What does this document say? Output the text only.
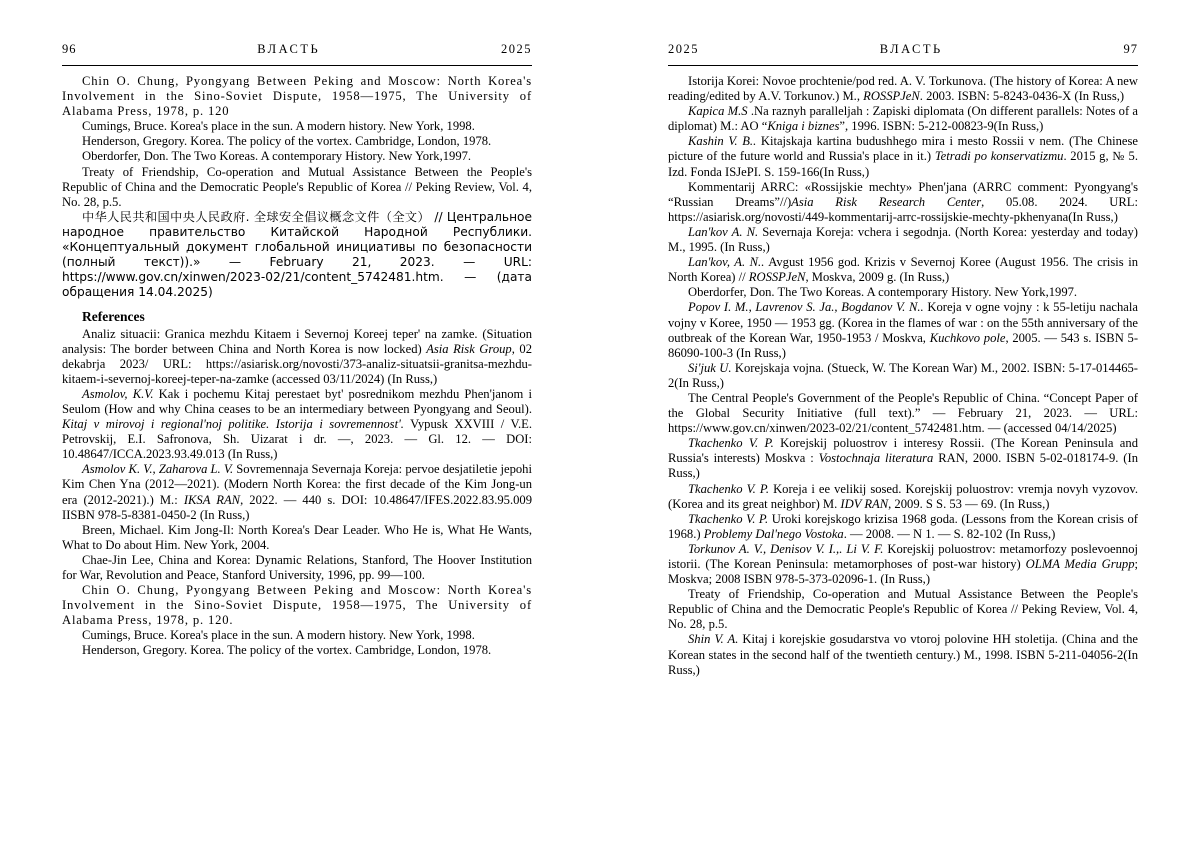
96	ВЛАСТЬ	2025

Chin O. Chung, Pyongyang Between Peking and Moscow: North Korea's Involvement in the Sino-Soviet Dispute, 1958—1975, The University of Alabama Press, 1978, p. 120

Cumings, Bruce. Korea's place in the sun. A modern history. New York, 1998.

Henderson, Gregory. Korea. The policy of the vortex. Cambridge, London, 1978.

Oberdorfer, Don. The Two Koreas. A contemporary History. New York,1997.

Treaty of Friendship, Co-operation and Mutual Assistance Between the People's Republic of China and the Democratic People's Republic of Korea // Peking Review, Vol. 4, No. 28, p.5.

中华人民共和国中央人民政府. 全球安全倡议概念文件（全文） // Центральное народное правительство Китайской Народной Республики. «Концептуальный документ глобальной инициативы по безопасности (полный текст)).» — February 21, 2023. — URL: https://www.gov.cn/xinwen/2023-02/21/content_5742481.htm. — (дата обращения 14.04.2025)

References

Analiz situacii: Granica mezhdu Kitaem i Severnoj Koreej teper' na zamke. (Situation analysis: The border between China and North Korea is now locked) Asia Risk Group, 02 dekabrja 2023/ URL: https://asiarisk.org/novosti/373-analiz-situatsii-granitsa-mezhdu-kitaem-i-severnoj-koreej-teper-na-zamke (accessed 03/11/2024) (In Russ,)

Asmolov, K.V. Kak i pochemu Kitaj perestaet byt' posrednikom mezhdu Phen'janom i Seulom (How and why China ceases to be an intermediary between Pyongyang and Seoul). Kitaj v mirovoj i regional'noj politike. Istorija i sovremennost'. Vypusk XXVIII / V.E. Petrovskij, E.I. Safronova, Sh. Uizarat i dr. —, 2023. — Gl. 12. — DOI: 10.48647/ICCA.2023.93.49.013 (In Russ,)

Asmolov K. V., Zaharova L. V. Sovremennaja Severnaja Koreja: pervoe desjatiletie jepohi Kim Chen Yna (2012—2021). (Modern North Korea: the first decade of the Kim Jong-un era (2012-2021).) M.: IKSA RAN, 2022. — 440 s. DOI: 10.48647/IFES.2022.83.95.009 IISBN 978-5-8381-0450-2 (In Russ,)

Breen, Michael. Kim Jong-Il: North Korea's Dear Leader. Who He is, What He Wants, What to Do about Him. New York, 2004.

Chae-Jin Lee, China and Korea: Dynamic Relations, Stanford, The Hoover Institution for War, Revolution and Peace, Stanford University, 1996, pp. 99—100.

Chin O. Chung, Pyongyang Between Peking and Moscow: North Korea's Involvement in the Sino-Soviet Dispute, 1958—1975, The University of Alabama Press, 1978, p. 120.

Cumings, Bruce. Korea's place in the sun. A modern history. New York, 1998.

Henderson, Gregory. Korea. The policy of the vortex. Cambridge, London, 1978.

2025	ВЛАСТЬ	97

Istorija Korei: Novoe prochtenie/pod red. A. V. Torkunova. (The history of Korea: A new reading/edited by A.V. Torkunov.) M., ROSSPJeN. 2003. ISBN: 5-8243-0436-X (In Russ,)

Kapica M.S .Na raznyh paralleljah : Zapiski diplomata (On different parallels: Notes of a diplomat) M.: AO “Kniga i biznes”, 1996. ISBN: 5-212-00823-9(In Russ,)

Kashin V. B.. Kitajskaja kartina budushhego mira i mesto Rossii v nem. (The Chinese picture of the future world and Russia's place in it.) Tetradi po konservatizmu. 2015 g, № 5. Izd. Fonda ISJePI. S. 159-166(In Russ,)

Kommentarij ARRC: «Rossijskie mechty» Phen'jana (ARRC comment: Pyongyang's “Russian Dreams”//)Asia Risk Research Center, 05.08. 2024. URL: https://asiarisk.org/novosti/449-kommentarij-arrc-rossijskie-mechty-pkhenyana(In Russ,)

Lan'kov A. N. Severnaja Koreja: vchera i segodnja. (North Korea: yesterday and today) M., 1995. (In Russ,)

Lan'kov, A. N.. Avgust 1956 god. Krizis v Severnoj Koree (August 1956. The crisis in North Korea) // ROSSPJeN, Moskva, 2009 g. (In Russ,)

Oberdorfer, Don. The Two Koreas. A contemporary History. New York,1997.

Popov I. M., Lavrenov S. Ja., Bogdanov V. N.. Koreja v ogne vojny : k 55-letiju nachala vojny v Koree, 1950 — 1953 gg. (Korea in the flames of war : on the 55th anniversary of the outbreak of the Korean War, 1950-1953 / Moskva, Kuchkovo pole, 2005. — 543 s. ISBN 5-86090-100-3 (In Russ,)

Si'juk U. Korejskaja vojna. (Stueck, W. The Korean War) M., 2002. ISBN: 5-17-014465-2(In Russ,)

The Central People's Government of the People's Republic of China. “Concept Paper of the Global Security Initiative (full text).” — February 21, 2023. — URL: https://www.gov.cn/xinwen/2023-02/21/content_5742481.htm. — (accessed 04/14/2025)

Tkachenko V. P. Korejskij poluostrov i interesy Rossii. (The Korean Peninsula and Russia's interests) Moskva : Vostochnaja literatura RAN, 2000. ISBN 5-02-018174-9. (In Russ,)

Tkachenko V. P. Koreja i ee velikij sosed. Korejskij poluostrov: vremja novyh vyzovov. (Korea and its great neighbor) M. IDV RAN, 2009. S S. 53 — 69. (In Russ,)

Tkachenko V. P. Uroki korejskogo krizisa 1968 goda. (Lessons from the Korean crisis of 1968.) Problemy Dal'nego Vostoka. — 2008. — N 1. — S. 82-102 (In Russ,)

Torkunov A. V., Denisov V. I.,. Li V. F. Korejskij poluostrov: metamorfozy poslevoennoj istorii. (The Korean Peninsula: metamorphoses of post-war history) OLMA Media Grupp; Moskva; 2008 ISBN 978-5-373-02096-1. (In Russ,)

Treaty of Friendship, Co-operation and Mutual Assistance Between the People's Republic of China and the Democratic People's Republic of Korea // Peking Review, Vol. 4, No. 28, p.5.

Shin V. A. Kitaj i korejskie gosudarstva vo vtoroj polovine HH stoletija. (China and the Korean states in the second half of the twentieth century.) M., 1998. ISBN 5-211-04056-2(In Russ,)
